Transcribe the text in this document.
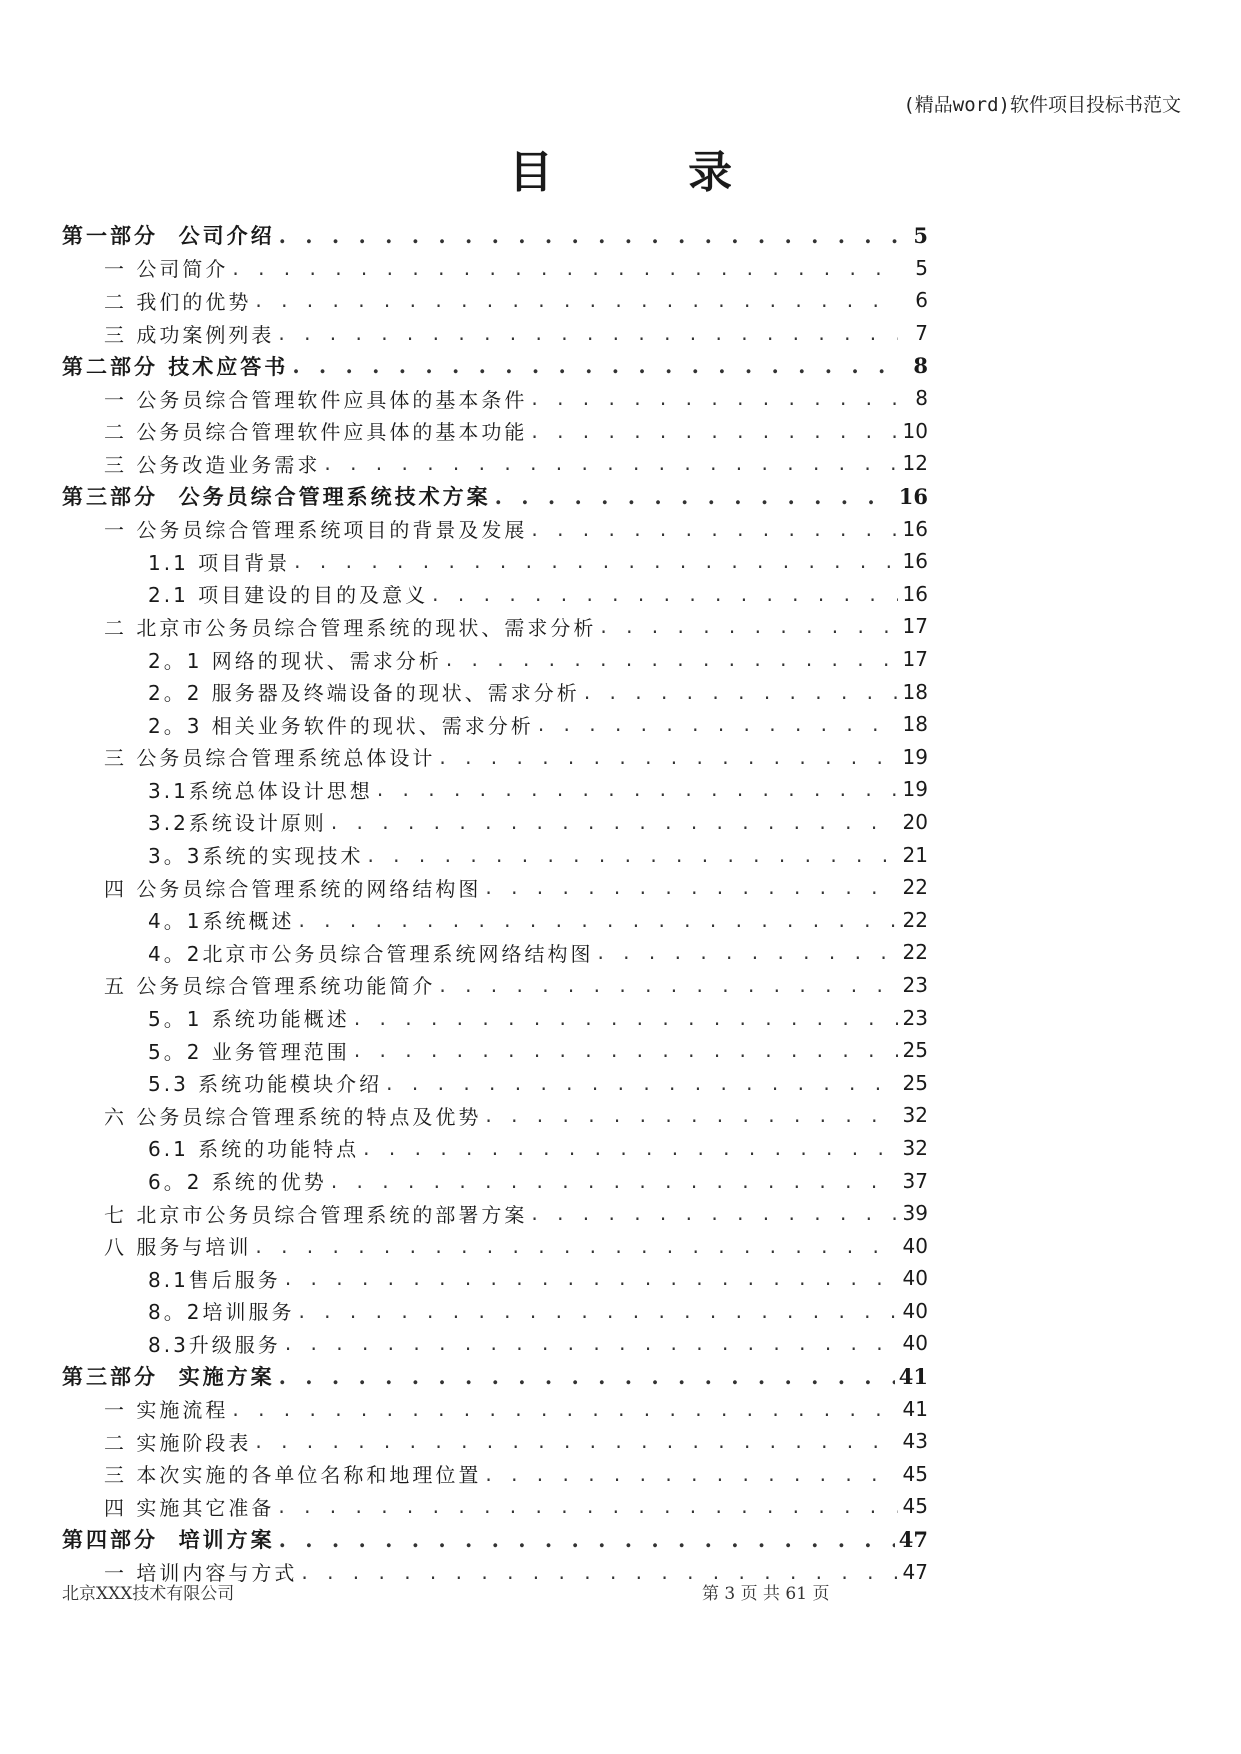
(精品word)软件项目投标书范文
目 录
第一部分  公司介绍 . . .	5
一 公司简介 . . .	5
二 我们的优势 . . .	6
三 成功案例列表 . . .	7
第二部分 技术应答书 . . .	8
一 公务员综合管理软件应具体的基本条件 . . .	8
二 公务员综合管理软件应具体的基本功能 . . .	10
三 公务改造业务需求 . . .	12
第三部分  公务员综合管理系统技术方案 . . .	16
一 公务员综合管理系统项目的背景及发展 . . .	16
1.1 项目背景 . . .	16
2.1 项目建设的目的及意义 . . .	16
二 北京市公务员综合管理系统的现状、需求分析 . . .	17
2。1 网络的现状、需求分析 . . .	17
2。2 服务器及终端设备的现状、需求分析 . . .	18
2。3 相关业务软件的现状、需求分析 . . .	18
三 公务员综合管理系统总体设计 . . .	19
3.1系统总体设计思想 . . .	19
3.2系统设计原则 . . .	20
3。3系统的实现技术 . . .	21
四 公务员综合管理系统的网络结构图 . . .	22
4。1系统概述 . . .	22
4。2北京市公务员综合管理系统网络结构图 . . .	22
五 公务员综合管理系统功能简介 . . .	23
5。1 系统功能概述 . . .	23
5。2 业务管理范围 . . .	25
5.3 系统功能模块介绍 . . .	25
六 公务员综合管理系统的特点及优势 . . .	32
6.1 系统的功能特点 . . .	32
6。2 系统的优势 . . .	37
七 北京市公务员综合管理系统的部署方案 . . .	39
八 服务与培训 . . .	40
8.1售后服务 . . .	40
8。2培训服务 . . .	40
8.3升级服务 . . .	40
第三部分  实施方案 . . .	41
一 实施流程 . . .	41
二 实施阶段表 . . .	43
三 本次实施的各单位名称和地理位置 . . .	45
四 实施其它准备 . . .	45
第四部分  培训方案 . . .	47
一 培训内容与方式 . . .	47
北京XXX技术有限公司	第 3 页 共 61 页
